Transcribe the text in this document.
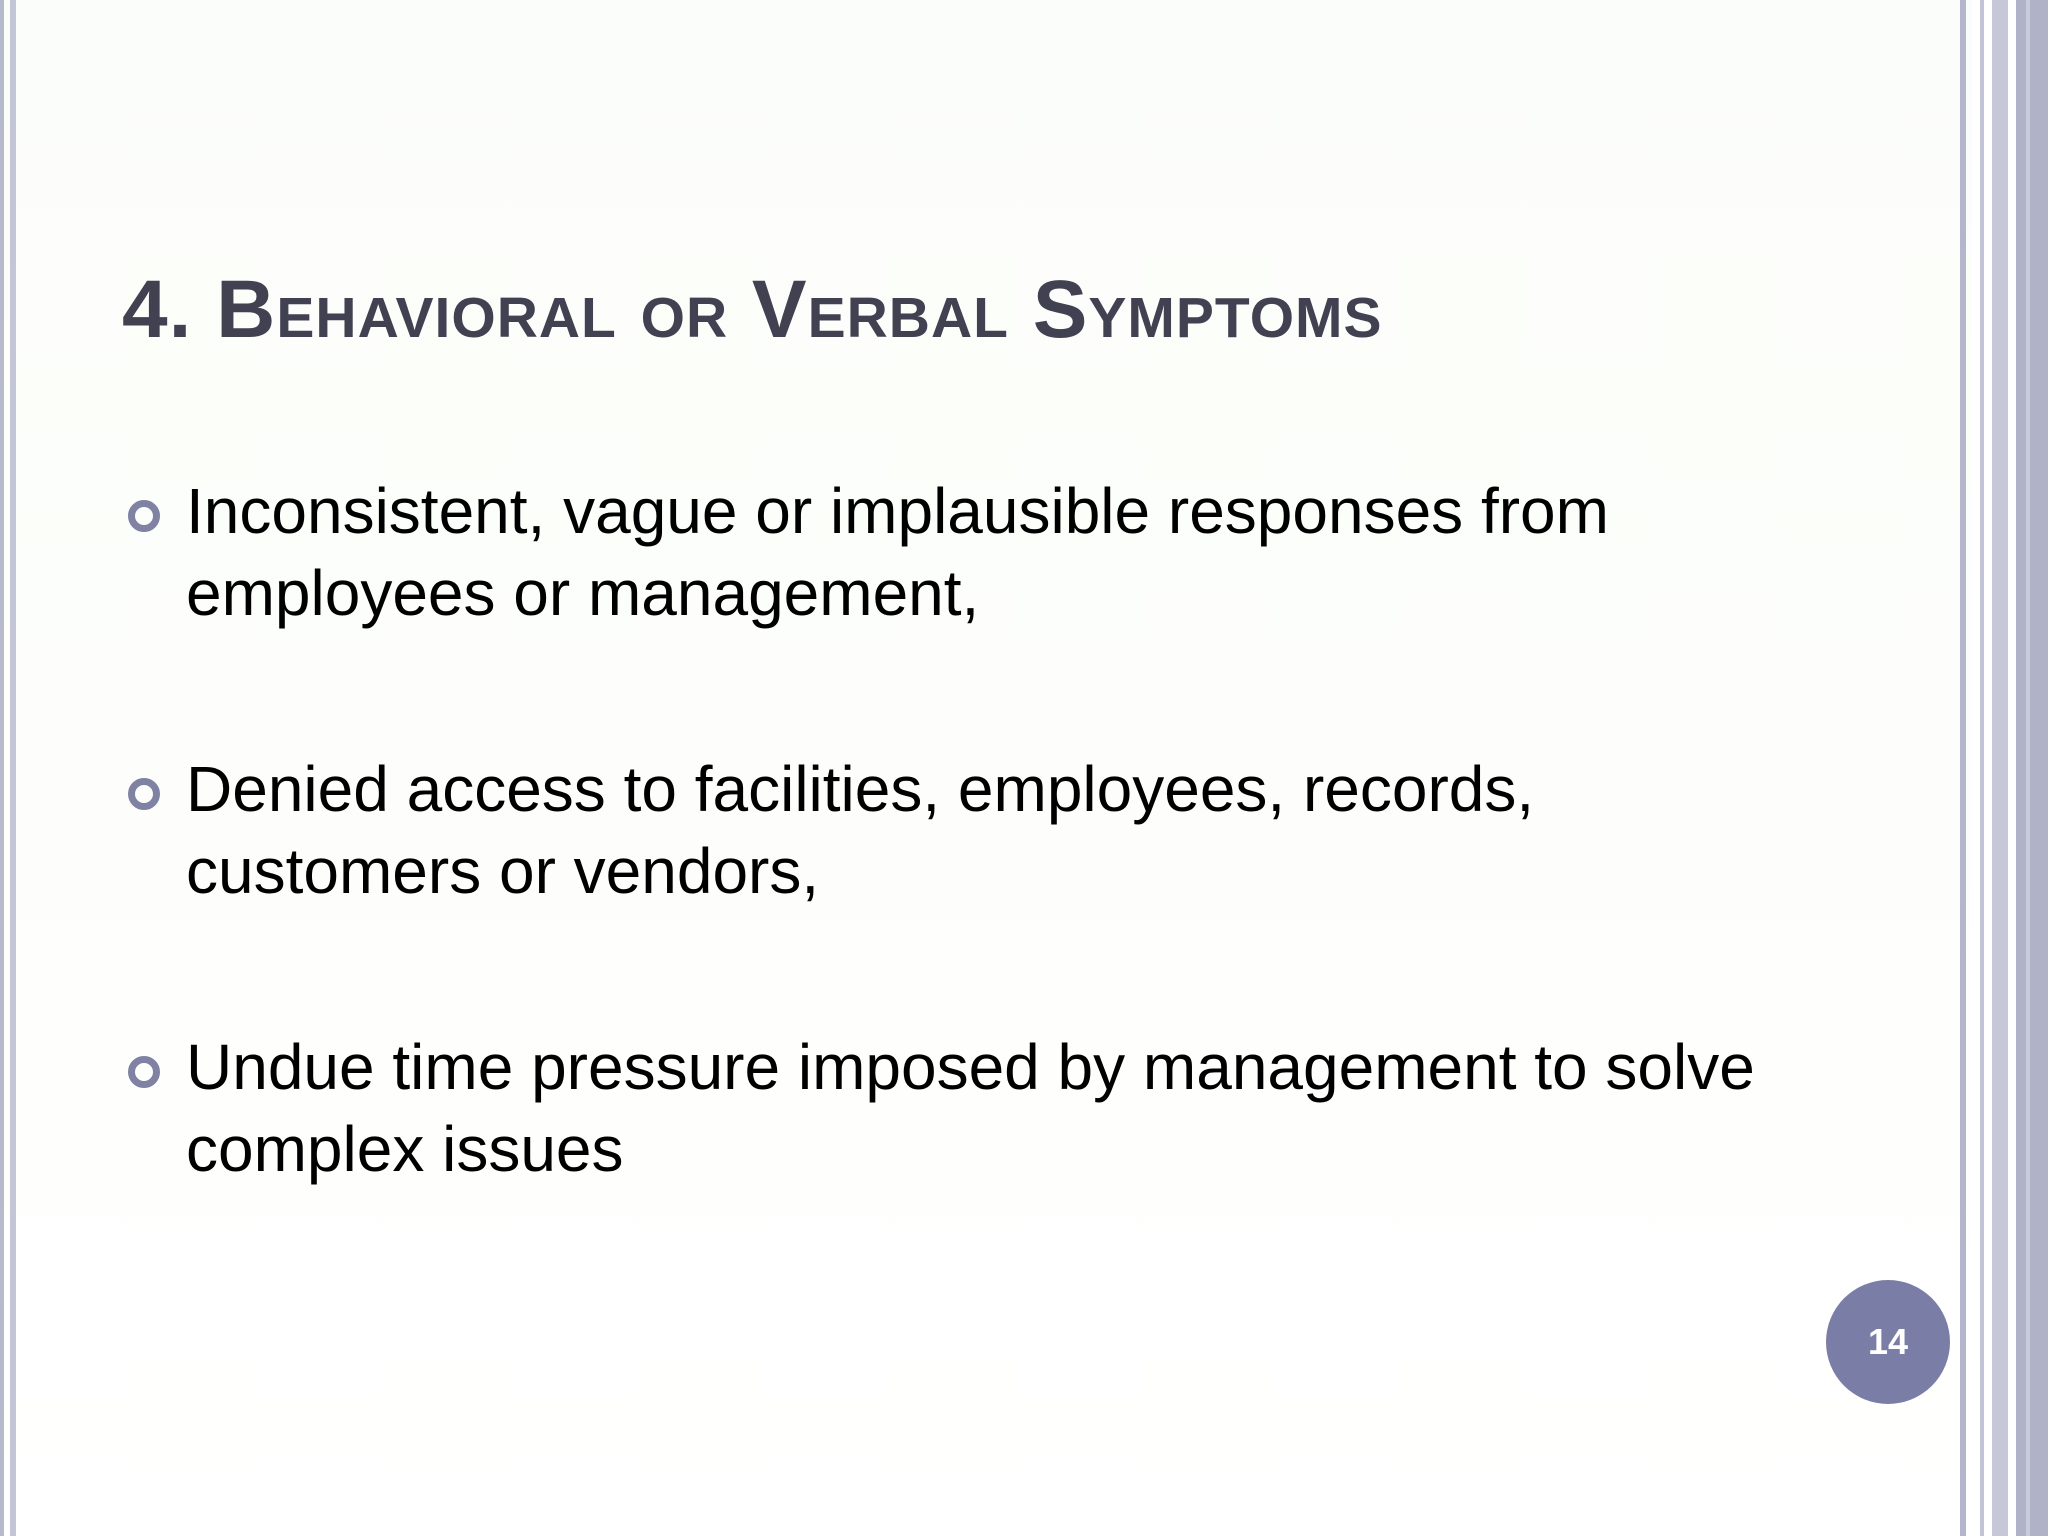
4. Behavioral or Verbal Symptoms
Inconsistent, vague or implausible responses from employees or management,
Denied access to facilities, employees, records, customers or vendors,
Undue time pressure imposed by management to solve complex issues
14
